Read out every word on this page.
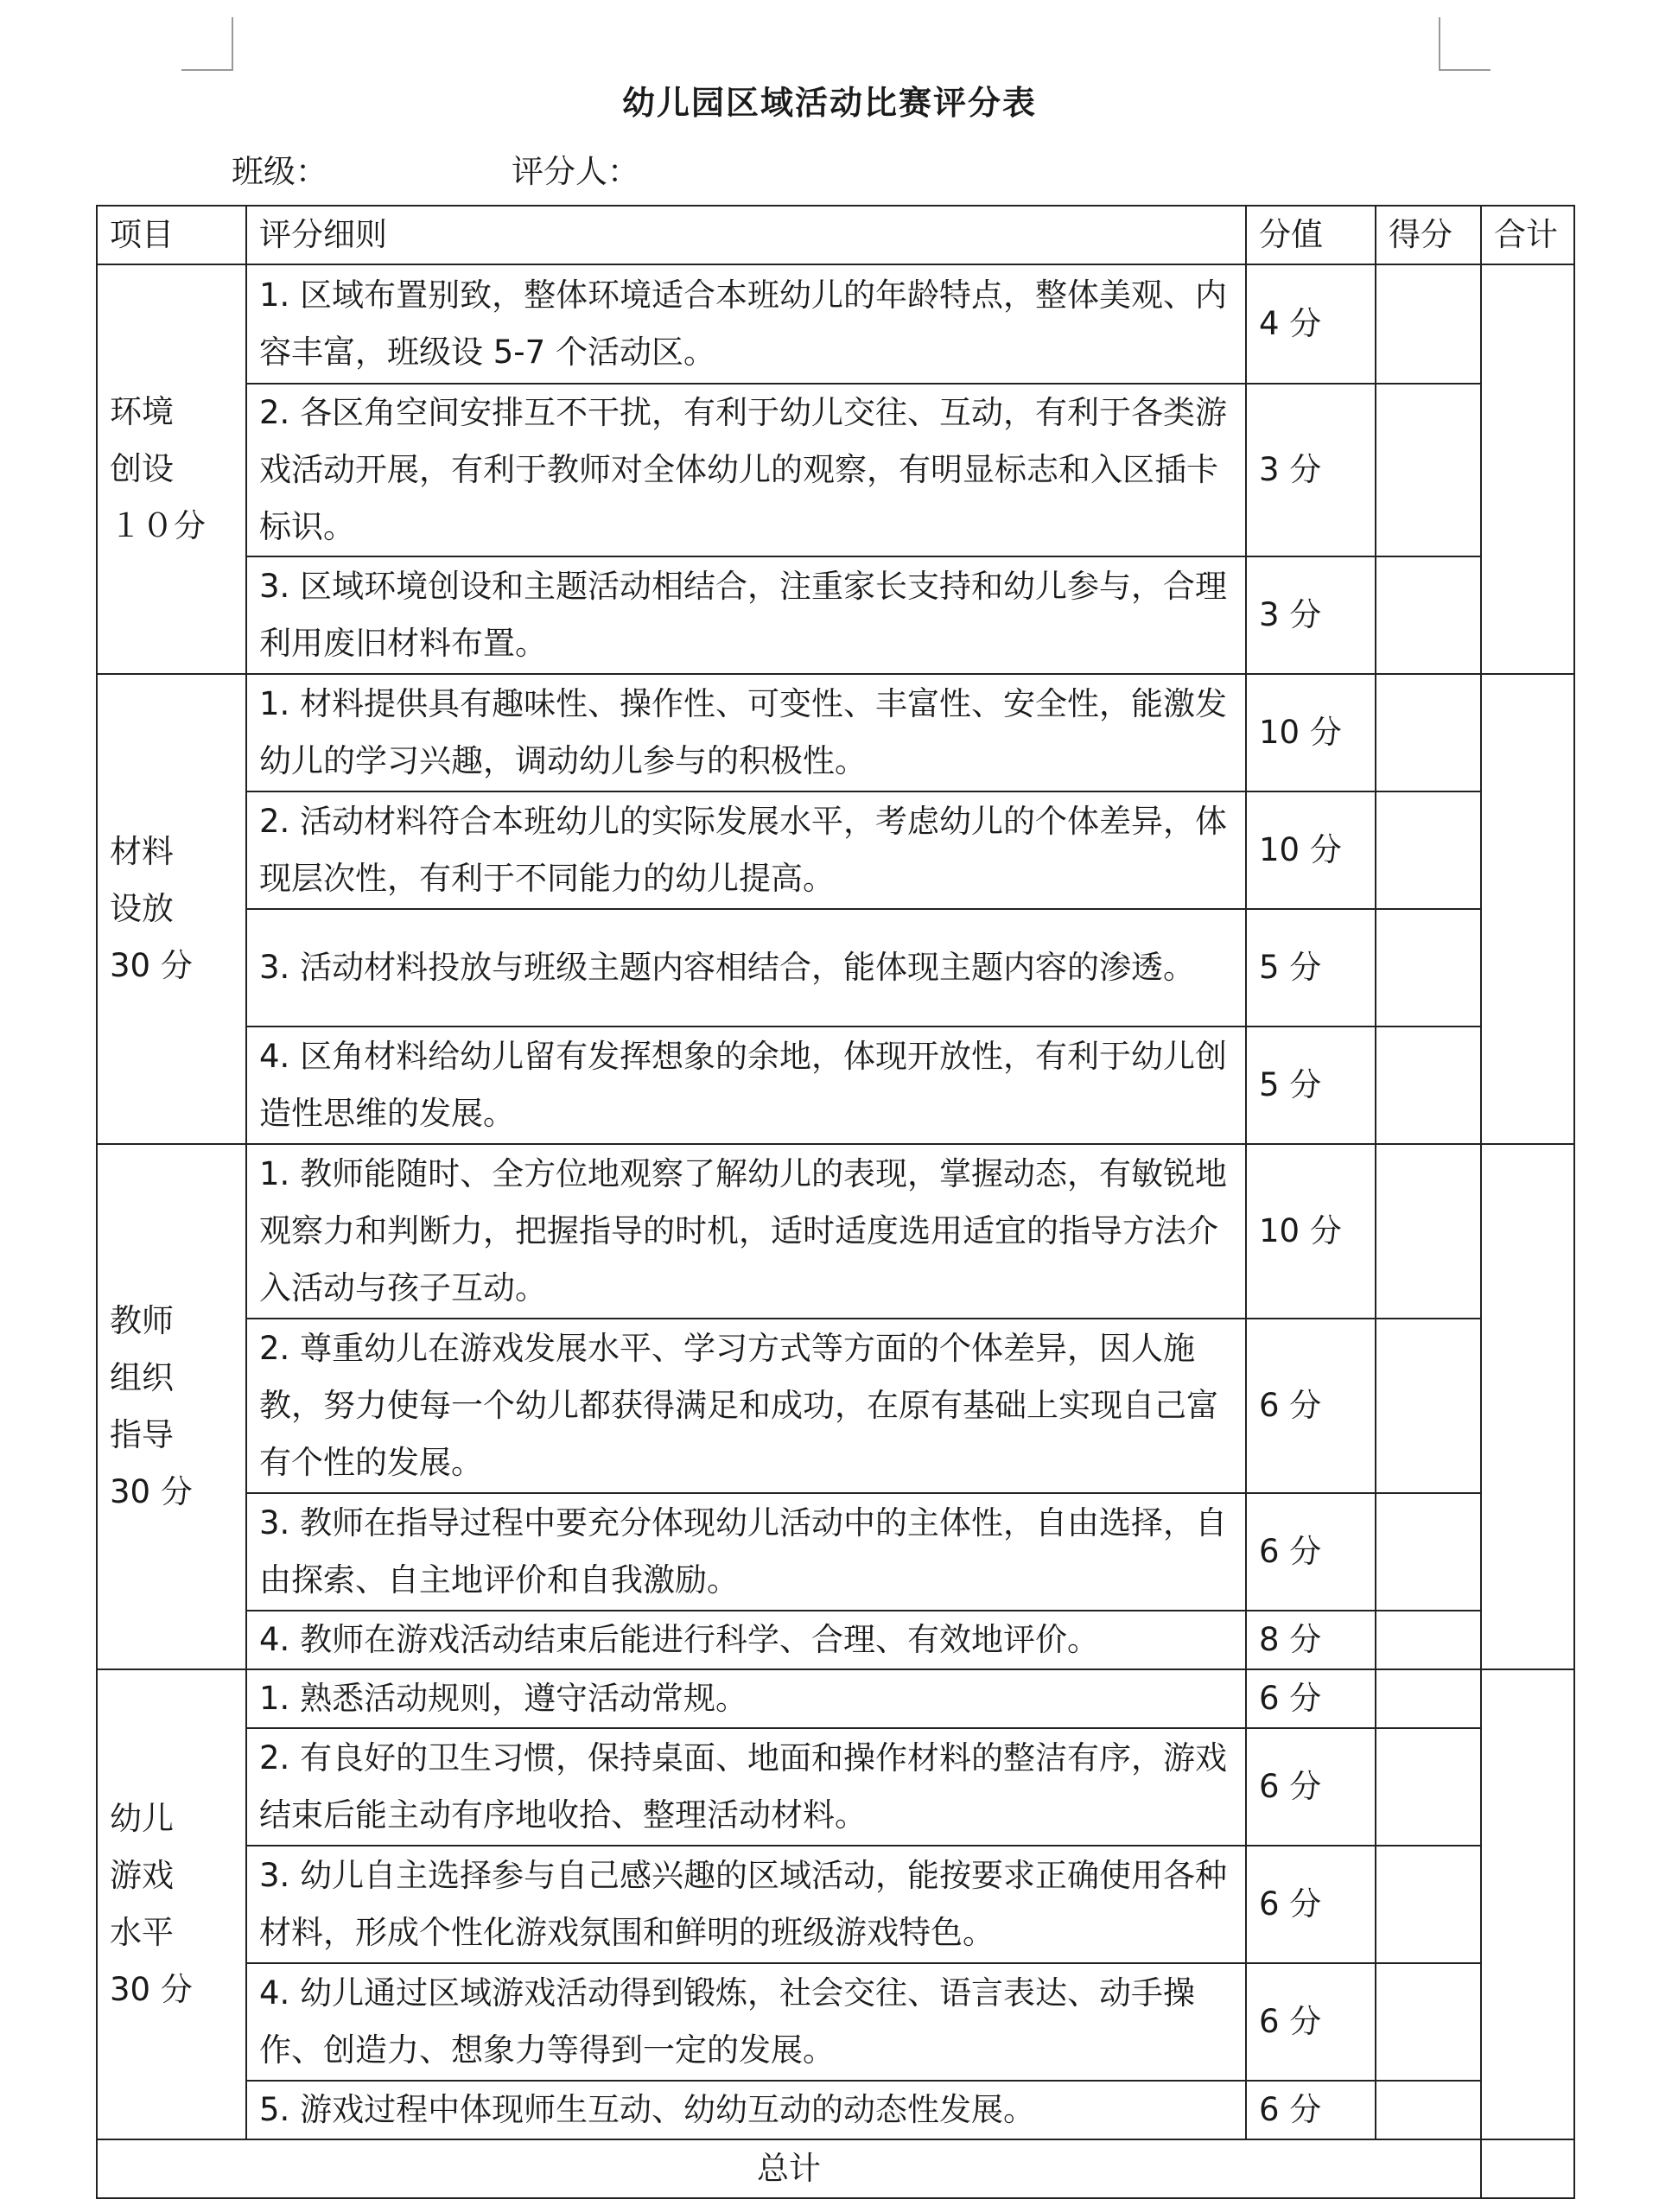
幼儿园区域活动比赛评分表
班级：	评分人：
项目	评分细则	分值	得分	合计

环境
创设
１０分	1. 区域布置别致，整体环境适合本班幼儿的年龄特点，整体美观、内容丰富，班级设 5-7 个活动区。	4 分		
	2. 各区角空间安排互不干扰，有利于幼儿交往、互动，有利于各类游戏活动开展，有利于教师对全体幼儿的观察，有明显标志和入区插卡标识。	3 分		
	3. 区域环境创设和主题活动相结合，注重家长支持和幼儿参与，合理利用废旧材料布置。	3 分		

材料
设放
30 分	1. 材料提供具有趣味性、操作性、可变性、丰富性、安全性，能激发幼儿的学习兴趣，调动幼儿参与的积极性。	10 分		
	2. 活动材料符合本班幼儿的实际发展水平，考虑幼儿的个体差异，体现层次性，有利于不同能力的幼儿提高。	10 分		
	3. 活动材料投放与班级主题内容相结合，能体现主题内容的渗透。	5 分		
	4. 区角材料给幼儿留有发挥想象的余地，体现开放性，有利于幼儿创造性思维的发展。	5 分		

教师
组织
指导
30 分	1. 教师能随时、全方位地观察了解幼儿的表现，掌握动态，有敏锐地观察力和判断力，把握指导的时机，适时适度选用适宜的指导方法介入活动与孩子互动。	10 分		
	2. 尊重幼儿在游戏发展水平、学习方式等方面的个体差异，因人施教，努力使每一个幼儿都获得满足和成功，在原有基础上实现自己富有个性的发展。	6 分		
	3. 教师在指导过程中要充分体现幼儿活动中的主体性，自由选择，自由探索、自主地评价和自我激励。	6 分		
	4. 教师在游戏活动结束后能进行科学、合理、有效地评价。	8 分		

幼儿
游戏
水平
30 分	1. 熟悉活动规则，遵守活动常规。	6 分		
	2. 有良好的卫生习惯，保持桌面、地面和操作材料的整洁有序，游戏结束后能主动有序地收拾、整理活动材料。	6 分		
	3. 幼儿自主选择参与自己感兴趣的区域活动，能按要求正确使用各种材料，形成个性化游戏氛围和鲜明的班级游戏特色。	6 分		
	4. 幼儿通过区域游戏活动得到锻炼，社会交往、语言表达、动手操作、创造力、想象力等得到一定的发展。	6 分		
	5. 游戏过程中体现师生互动、幼幼互动的动态性发展。	6 分		
总计				
